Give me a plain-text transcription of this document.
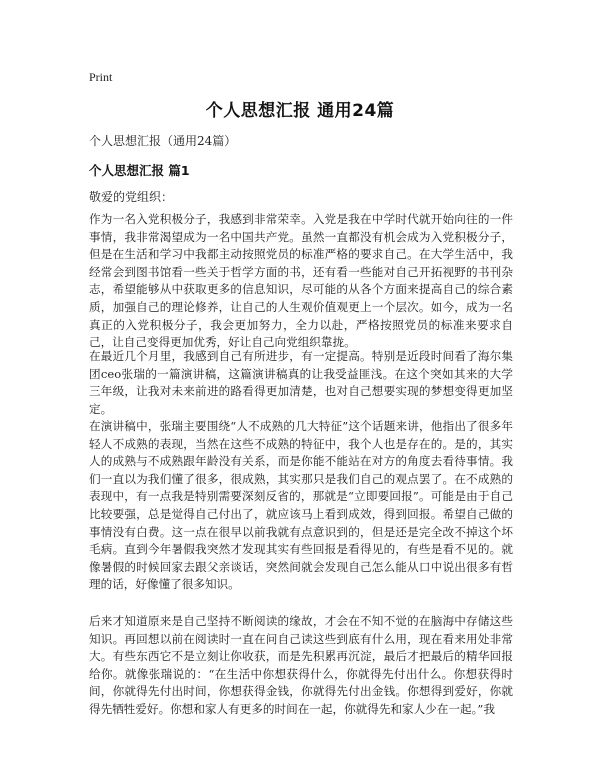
Print
个人思想汇报 通用24篇
个人思想汇报（通用24篇）
个人思想汇报 篇1
敬爱的党组织：

作为一名入党积极分子，我感到非常荣幸。入党是我在中学时代就开始向往的一件事情，我非常渴望成为一名中国共产党。虽然一直都没有机会成为入党积极分子，但是在生活和学习中我都主动按照党员的标准严格的要求自己。在大学生活中，我经常会到图书馆看一些关于哲学方面的书，还有看一些能对自己开拓视野的书刊杂志，希望能够从中获取更多的信息知识，尽可能的从各个方面来提高自己的综合素质，加强自己的理论修养，让自己的人生观价值观更上一个层次。如今，成为一名真正的入党积极分子，我会更加努力，全力以赴，严格按照党员的标准来要求自己，让自己变得更加优秀，好让自己向党组织靠拢。

在最近几个月里，我感到自己有所进步，有一定提高。特别是近段时间看了海尔集团ceo张瑞的一篇演讲稿，这篇演讲稿真的让我受益匪浅。在这个突如其来的大学三年级，让我对未来前进的路看得更加清楚，也对自己想要实现的梦想变得更加坚定。

在演讲稿中，张瑞主要围绕“人不成熟的几大特征”这个话题来讲，他指出了很多年轻人不成熟的表现，当然在这些不成熟的特征中，我个人也是存在的。是的，其实人的成熟与不成熟跟年龄没有关系，而是你能不能站在对方的角度去看待事情。我们一直以为我们懂了很多，很成熟，其实那只是我们自己的观点罢了。在不成熟的表现中，有一点我是特别需要深刻反省的，那就是“立即要回报”。可能是由于自己比较要强，总是觉得自己付出了，就应该马上看到成效，得到回报。希望自己做的事情没有白费。这一点在很早以前我就有点意识到的，但是还是完全改不掉这个坏毛病。直到今年暑假我突然才发现其实有些回报是看得见的，有些是看不见的。就像暑假的时候回家去跟父亲谈话，突然间就会发现自己怎么能从口中说出很多有哲理的话，好像懂了很多知识。

后来才知道原来是自己坚持不断阅读的缘故，才会在不知不觉的在脑海中存储这些知识。再回想以前在阅读时一直在问自己读这些到底有什么用，现在看来用处非常大。有些东西它不是立刻让你收获，而是先积累再沉淀，最后才把最后的精华回报给你。就像张瑞说的：“在生活中你想获得什么，你就得先付出什么。你想获得时间，你就得先付出时间，你想获得金钱，你就得先付出金钱。你想得到爱好，你就得先牺牲爱好。你想和家人有更多的时间在一起，你就得先和家人少在一起。”我
